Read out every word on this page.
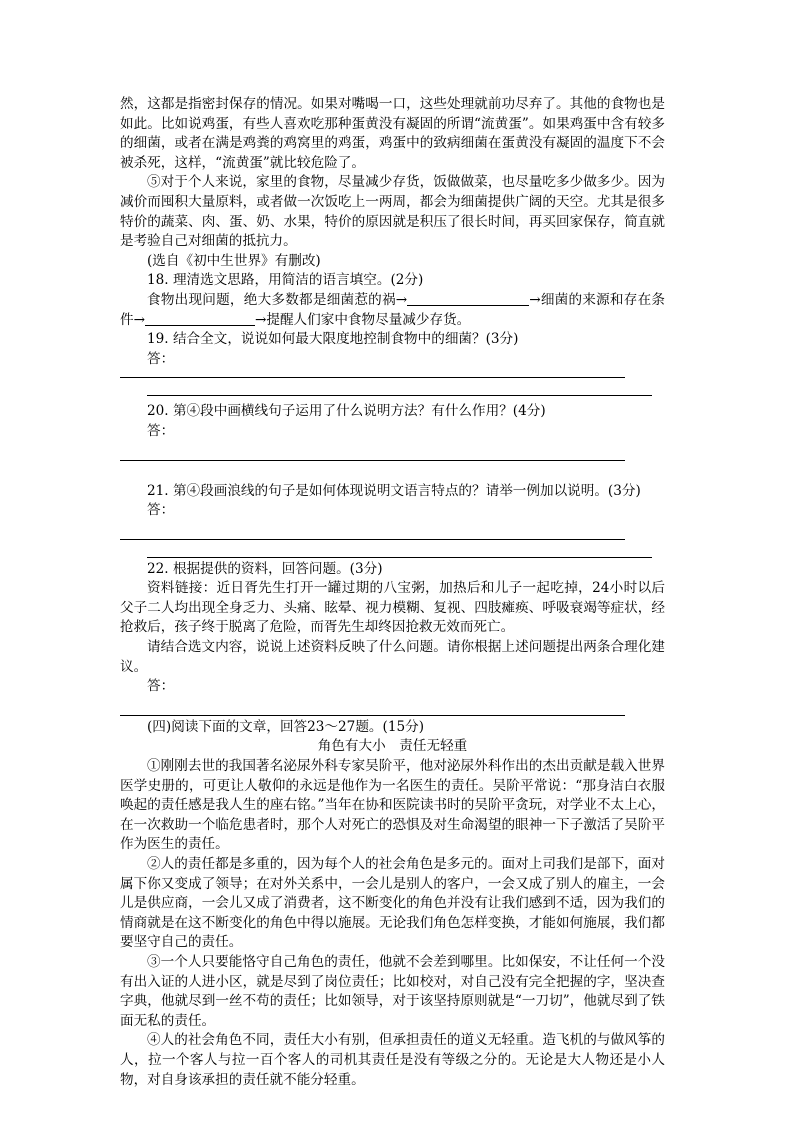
然，这都是指密封保存的情况。如果对嘴喝一口，这些处理就前功尽弃了。其他的食物也是如此。比如说鸡蛋，有些人喜欢吃那种蛋黄没有凝固的所谓“流黄蛋”。如果鸡蛋中含有较多的细菌，或者在满是鸡粪的鸡窝里的鸡蛋，鸡蛋中的致病细菌在蛋黄没有凝固的温度下不会被杀死，这样，“流黄蛋”就比较危险了。

⑤对于个人来说，家里的食物，尽量减少存货，饭做做菜，也尽量吃多少做多少。因为减价而囤积大量原料，或者做一次饭吃上一两周，都会为细菌提供广阔的天空。尤其是很多特价的蔬菜、肉、蛋、奶、水果，特价的原因就是积压了很长时间，再买回家保存，简直就是考验自己对细菌的抵抗力。

(选自《初中生世界》有删改)

18. 理清选文思路，用简洁的语言填空。(2分)

食物出现问题，绝大多数都是细菌惹的祸→	→细菌的来源和存在条件→	→提醒人们家中食物尽量减少存货。

19. 结合全文，说说如何最大限度地控制食物中的细菌？(3分)

答：

20. 第④段中画横线句子运用了什么说明方法？有什么作用？(4分)

答：

21. 第④段画浪线的句子是如何体现说明文语言特点的？请举一例加以说明。(3分)

答：

22. 根据提供的资料，回答问题。(3分)

资料链接：近日胥先生打开一罐过期的八宝粥，加热后和儿子一起吃掉，24小时以后父子二人均出现全身乏力、头痛、眩晕、视力模糊、复视、四肢瘫痪、呼吸衰竭等症状，经抢救后，孩子终于脱离了危险，而胥先生却终因抢救无效而死亡。

请结合选文内容，说说上述资料反映了什么问题。请你根据上述问题提出两条合理化建议。

答：

(四)阅读下面的文章，回答23～27题。(15分)

角色有大小　责任无轻重

①刚刚去世的我国著名泌尿外科专家吴阶平，他对泌尿外科作出的杰出贡献是载入世界医学史册的，可更让人敬仰的永远是他作为一名医生的责任。吴阶平常说：“那身洁白衣服唤起的责任感是我人生的座右铭。”当年在协和医院读书时的吴阶平贪玩，对学业不太上心，在一次救助一个临危患者时，那个人对死亡的恐惧及对生命渴望的眼神一下子激活了吴阶平作为医生的责任。

②人的责任都是多重的，因为每个人的社会角色是多元的。面对上司我们是部下，面对属下你又变成了领导；在对外关系中，一会儿是别人的客户，一会又成了别人的雇主，一会儿是供应商，一会儿又成了消费者，这不断变化的角色并没有让我们感到不适，因为我们的情商就是在这不断变化的角色中得以施展。无论我们角色怎样变换，才能如何施展，我们都要坚守自己的责任。

③一个人只要能恪守自己角色的责任，他就不会差到哪里。比如保安，不让任何一个没有出入证的人进小区，就是尽到了岗位责任；比如校对，对自己没有完全把握的字，坚决查字典，他就尽到一丝不苟的责任；比如领导，对于该坚持原则就是“一刀切”，他就尽到了铁面无私的责任。

④人的社会角色不同，责任大小有别，但承担责任的道义无轻重。造飞机的与做风筝的人，拉一个客人与拉一百个客人的司机其责任是没有等级之分的。无论是大人物还是小人物，对自身该承担的责任就不能分轻重。
